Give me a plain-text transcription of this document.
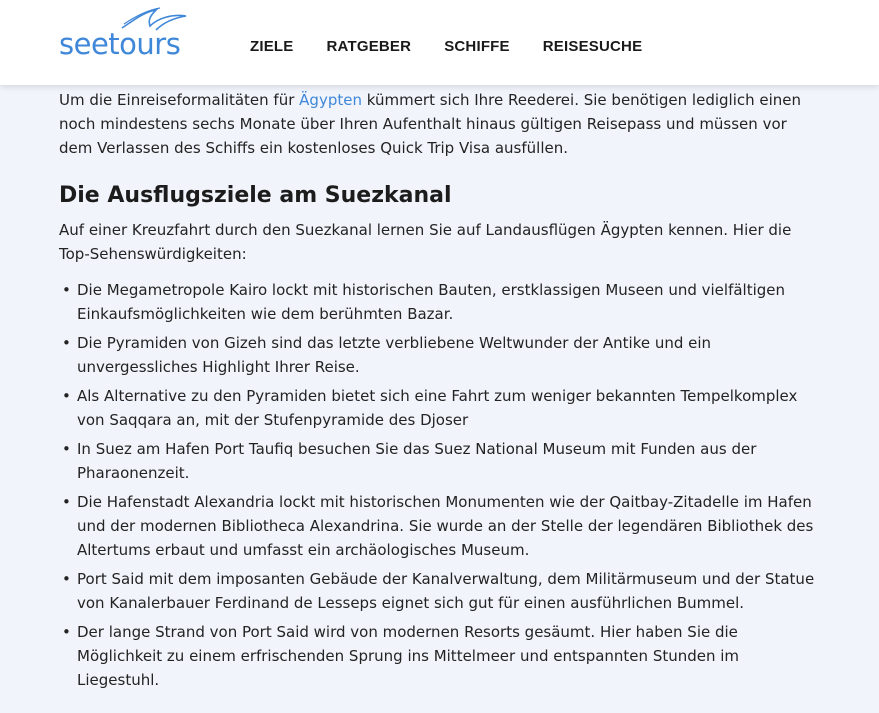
seetours	ZIELE RATGEBER SCHIFFE REISESUCHE

Um die Einreiseformalitäten für Ägypten kümmert sich Ihre Reederei. Sie benötigen lediglich einen noch mindestens sechs Monate über Ihren Aufenthalt hinaus gültigen Reisepass und müssen vor dem Verlassen des Schiffs ein kostenloses Quick Trip Visa ausfüllen.

Die Ausflugsziele am Suezkanal

Auf einer Kreuzfahrt durch den Suezkanal lernen Sie auf Landausflügen Ägypten kennen. Hier die Top-Sehenswürdigkeiten:

• Die Megametropole Kairo lockt mit historischen Bauten, erstklassigen Museen und vielfältigen Einkaufsmöglichkeiten wie dem berühmten Bazar.
• Die Pyramiden von Gizeh sind das letzte verbliebene Weltwunder der Antike und ein unvergessliches Highlight Ihrer Reise.
• Als Alternative zu den Pyramiden bietet sich eine Fahrt zum weniger bekannten Tempelkomplex von Saqqara an, mit der Stufenpyramide des Djoser
• In Suez am Hafen Port Taufiq besuchen Sie das Suez National Museum mit Funden aus der Pharaonenzeit.
• Die Hafenstadt Alexandria lockt mit historischen Monumenten wie der Qaitbay-Zitadelle im Hafen und der modernen Bibliotheca Alexandrina. Sie wurde an der Stelle der legendären Bibliothek des Altertums erbaut und umfasst ein archäologisches Museum.
• Port Said mit dem imposanten Gebäude der Kanalverwaltung, dem Militärmuseum und der Statue von Kanalerbauer Ferdinand de Lesseps eignet sich gut für einen ausführlichen Bummel.
• Der lange Strand von Port Said wird von modernen Resorts gesäumt. Hier haben Sie die Möglichkeit zu einem erfrischenden Sprung ins Mittelmeer und entspannten Stunden im Liegestuhl.
